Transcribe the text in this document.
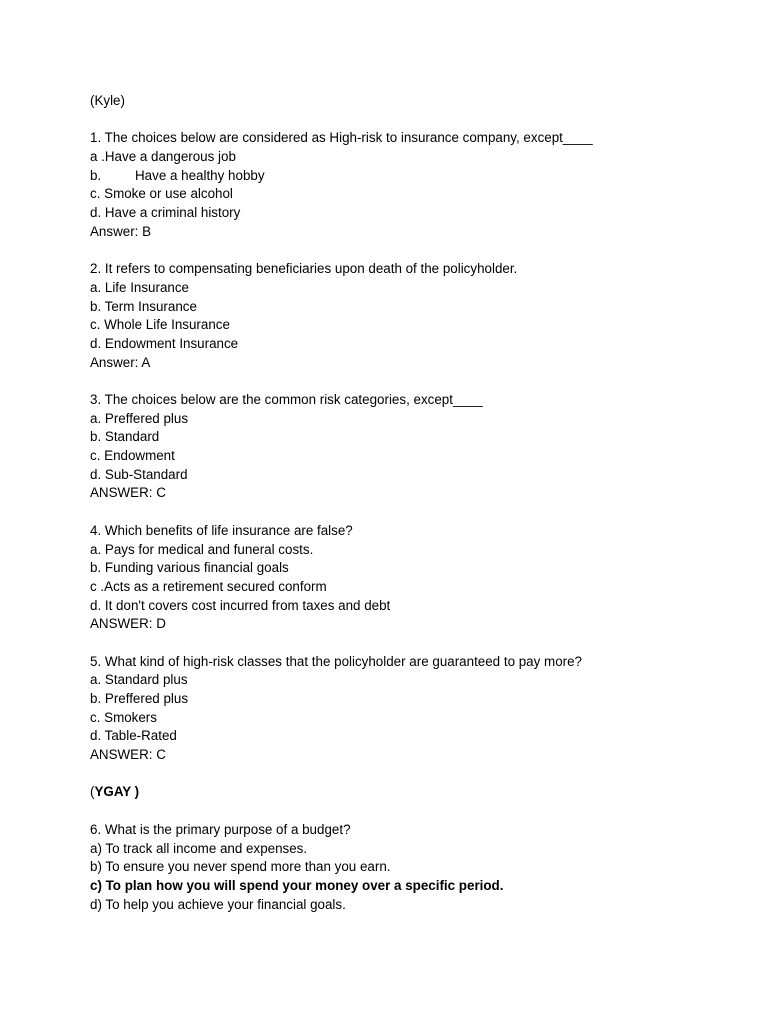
(Kyle)
1. The choices below are considered as High-risk to insurance company, except____
a .Have a dangerous job
b.	Have a healthy hobby
c. Smoke or use alcohol
d. Have a criminal history
Answer: B
2. It refers to compensating beneficiaries upon death of the policyholder.
a. Life Insurance
b. Term Insurance
c. Whole Life Insurance
d. Endowment Insurance
Answer: A
3. The choices below are the common risk categories, except____
a. Preffered plus
b. Standard
c. Endowment
d. Sub-Standard
ANSWER: C
4. Which benefits of life insurance are false?
a. Pays for medical and funeral costs.
b. Funding various financial goals
c .Acts as a retirement secured conform
d. It don't covers cost incurred from taxes and debt
ANSWER: D
5. What kind of high-risk classes that the policyholder are guaranteed to pay more?
a. Standard plus
b. Preffered plus
c. Smokers
d. Table-Rated
ANSWER: C
(YGAY )
6. What is the primary purpose of a budget?
a) To track all income and expenses.
b) To ensure you never spend more than you earn.
c) To plan how you will spend your money over a specific period.
d) To help you achieve your financial goals.
